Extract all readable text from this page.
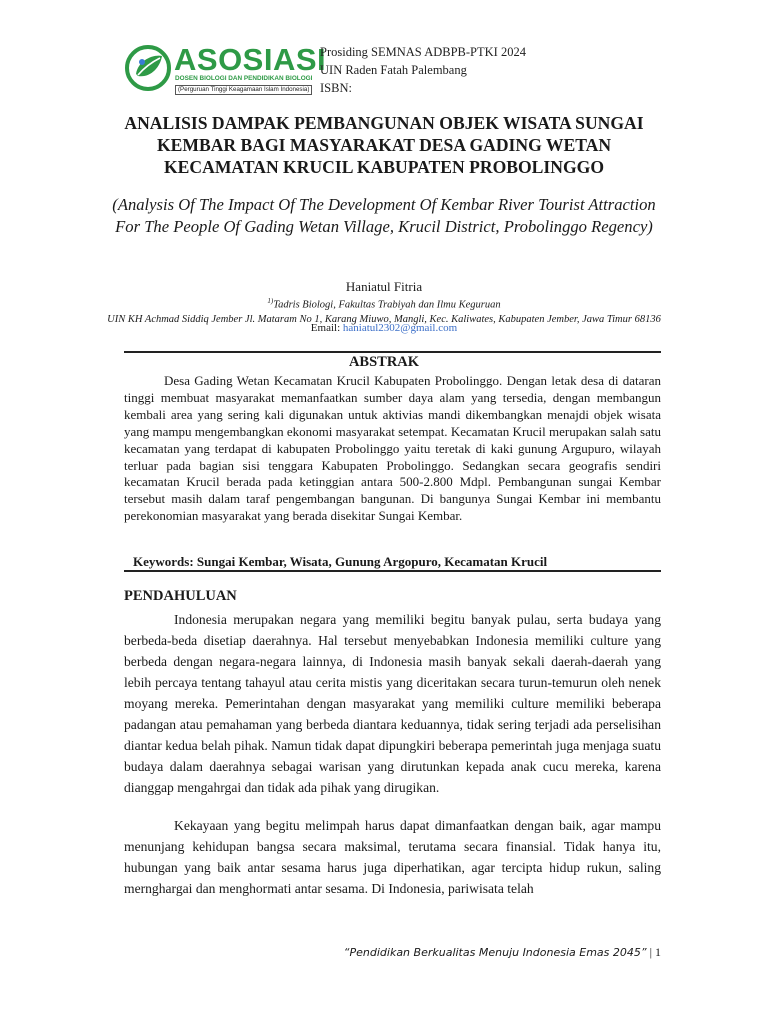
ASOSIASI
DOSEN BIOLOGI DAN PENDIDIKAN BIOLOGI
(Perguruan Tinggi Keagamaan Islam Indonesia)
Prosiding SEMNAS ADBPB-PTKI 2024
UIN Raden Fatah Palembang
ISBN:
ANALISIS DAMPAK PEMBANGUNAN OBJEK WISATA SUNGAI KEMBAR BAGI MASYARAKAT DESA GADING WETAN KECAMATAN KRUCIL KABUPATEN PROBOLINGGO
(Analysis Of The Impact Of The Development Of Kembar River Tourist Attraction For The People Of Gading Wetan Village, Krucil District, Probolinggo Regency)
Haniatul Fitria
$^{1)}$Tadris Biologi, Fakultas Trabiyah dan Ilmu Keguruan
UIN KH Achmad Siddiq Jember Jl. Mataram No 1, Karang Miuwo, Mangli, Kec. Kaliwates, Kabupaten Jember, Jawa Timur 68136
Email: haniatul2302@gmail.com
ABSTRAK
Desa Gading Wetan Kecamatan Krucil Kabupaten Probolinggo. Dengan letak desa di dataran tinggi membuat masyarakat memanfaatkan sumber daya alam yang tersedia, dengan membangun kembali area yang sering kali digunakan untuk aktivias mandi dikembangkan menajdi objek wisata yang mampu mengembangkan ekonomi masyarakat setempat. Kecamatan Krucil merupakan salah satu kecamatan yang terdapat di kabupaten Probolinggo yaitu teretak di kaki gunung Argupuro, wilayah terluar pada bagian sisi tenggara Kabupaten Probolinggo. Sedangkan secara geografis sendiri kecamatan Krucil berada pada ketinggian antara 500-2.800 Mdpl. Pembangunan sungai Kembar tersebut masih dalam taraf pengembangan bangunan. Di bangunya Sungai Kembar ini membantu perekonomian masyarakat yang berada disekitar Sungai Kembar.
Keywords: Sungai Kembar, Wisata, Gunung Argopuro, Kecamatan Krucil
PENDAHULUAN
Indonesia merupakan negara yang memiliki begitu banyak pulau, serta budaya yang berbeda-beda disetiap daerahnya. Hal tersebut menyebabkan Indonesia memiliki culture yang berbeda dengan negara-negara lainnya, di Indonesia masih banyak sekali daerah-daerah yang lebih percaya tentang tahayul atau cerita mistis yang diceritakan secara turun-temurun oleh nenek moyang mereka. Pemerintahan dengan masyarakat yang memiliki culture memiliki beberapa padangan atau pemahaman yang berbeda diantara keduannya, tidak sering terjadi ada perselisihan diantar kedua belah pihak. Namun tidak dapat dipungkiri beberapa pemerintah juga menjaga suatu budaya dalam daerahnya sebagai warisan yang dirutunkan kepada anak cucu mereka, karena dianggap mengahrgai dan tidak ada pihak yang dirugikan.
Kekayaan yang begitu melimpah harus dapat dimanfaatkan dengan baik, agar mampu menunjang kehidupan bangsa secara maksimal, terutama secara finansial. Tidak hanya itu, hubungan yang baik antar sesama harus juga diperhatikan, agar tercipta hidup rukun, saling mernghargai dan menghormati antar sesama. Di Indonesia, pariwisata telah
“Pendidikan Berkualitas Menuju Indonesia Emas 2045” | 1
